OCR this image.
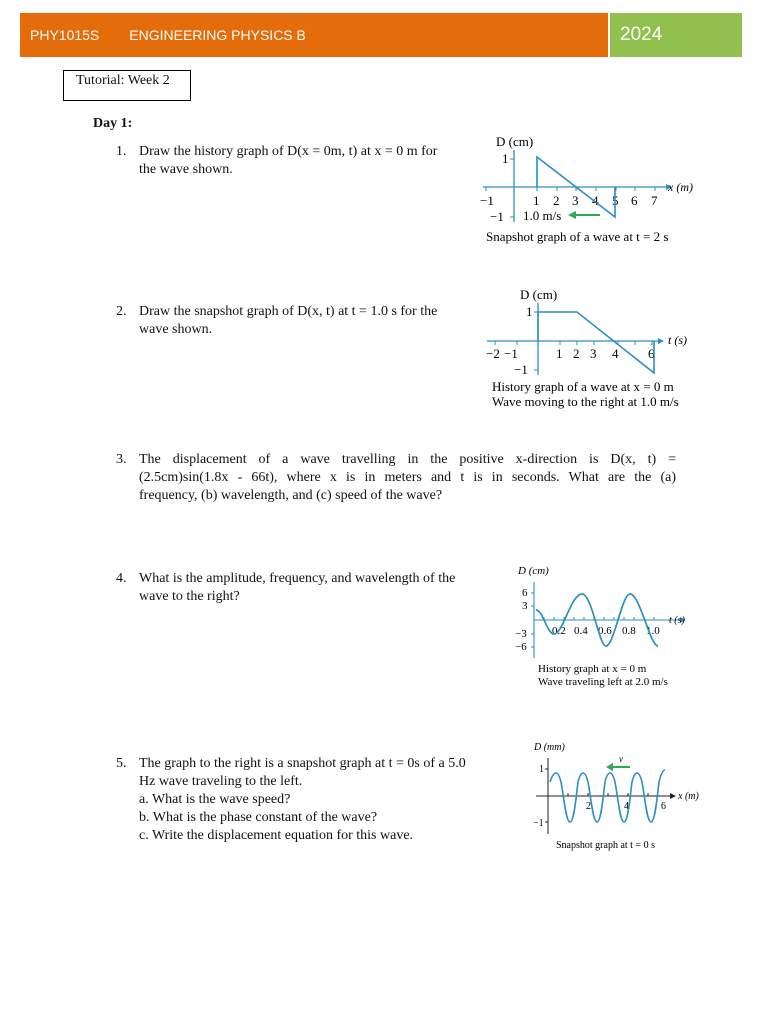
PHY1015S ENGINEERING PHYSICS B	2024
Tutorial: Week 2
Day 1:
1. Draw the history graph of D(x = 0m, t) at x = 0 m for
the wave shown.
2. Draw the snapshot graph of D(x, t) at t = 1.0 s for the
wave shown.
3. The displacement of a wave travelling in the positive x-direction is D(x, t) =
(2.5cm)sin(1.8x - 66t), where x is in meters and t is in seconds. What are the (a)
frequency, (b) wavelength, and (c) speed of the wave?
4. What is the amplitude, frequency, and wavelength of the
wave to the right?
5. The graph to the right is a snapshot graph at t = 0s of a 5.0
Hz wave traveling to the left.
a. What is the wave speed?
b. What is the phase constant of the wave?
c. Write the displacement equation for this wave.
D (cm)
1
−1
−1	1 2 3 4 5 6 7
x (m)
1.0 m/s
Snapshot graph of a wave at t = 2 s
D (cm)
1
−1
−2 −1	1 2 3 4 6
t (s)
History graph of a wave at x = 0 m
Wave moving to the right at 1.0 m/s
D (cm)
6
3
−3
−6
0.2 0.4 0.6 0.8 1.0
t (s)
History graph at x = 0 m
Wave traveling left at 2.0 m/s
D (mm)
1
−1
2	4	6
x (m)
v
Snapshot graph at t = 0 s
